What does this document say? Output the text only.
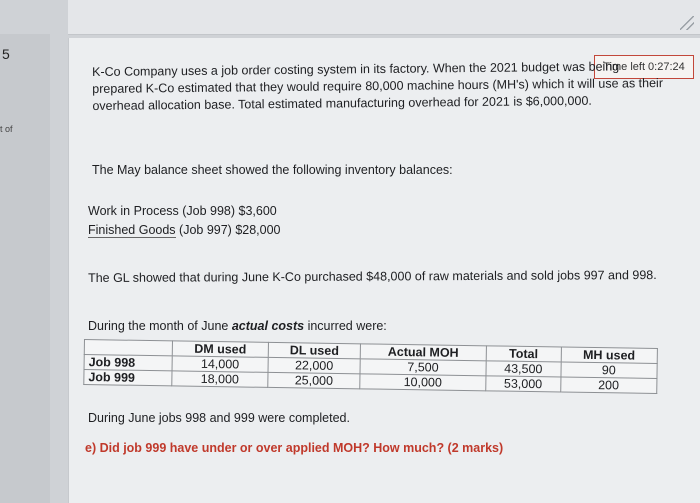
5
t of
Time left 0:27:24
K-Co Company uses a job order costing system in its factory. When the 2021 budget was being prepared K-Co estimated that they would require 80,000 machine hours (MH's) which it will use as their overhead allocation base. Total estimated manufacturing overhead for 2021 is $6,000,000.
The May balance sheet showed the following inventory balances:
Work in Process (Job 998) $3,600
Finished Goods (Job 997) $28,000
The GL showed that during June K-Co purchased $48,000 of raw materials and sold jobs 997 and 998.
During the month of June actual costs incurred were:
	DM used	DL used	Actual MOH	Total	MH used
Job 998	14,000	22,000	7,500	43,500	90
Job 999	18,000	25,000	10,000	53,000	200
During June jobs 998 and 999 were completed.
e) Did job 999 have under or over applied MOH? How much? (2 marks)
